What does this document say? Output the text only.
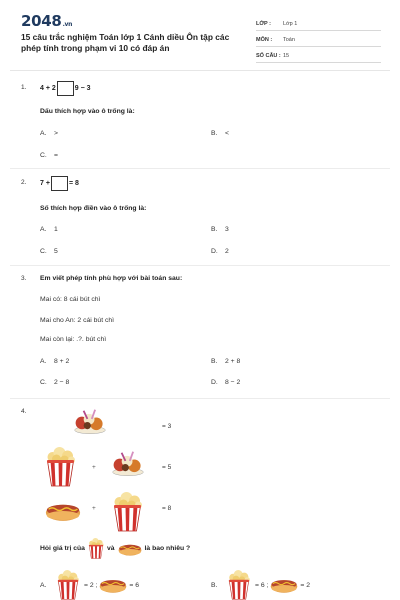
2048.vn
15 câu trắc nghiệm Toán lớp 1 Cánh diều Ôn tập các phép tính trong phạm vi 10 có đáp án
LỚP :	Lớp 1
MÔN :	Toán
SỐ CÂU : 15
1. 4 + 2	9 − 3
Dấu thích hợp vào ô trống là:
A.	>	B.	<
C.	=
2. 7 +	= 8
Số thích hợp điền vào ô trống là:
A.	1	B.	3
C.	5	D.	2
3. Em viết phép tính phù hợp với bài toán sau:
Mai có: 8 cái bút chì
Mai cho An: 2 cái bút chì
Mai còn lại: .?. bút chì
A.	8 + 2	B.	2 + 8
C.	2 − 8	D.	8 − 2
4.
= 3
+	= 5
+	= 8
Hỏi giá trị của	và	là bao nhiêu ?
A.	= 2 ;	= 6	B.	= 6 ;	= 2
